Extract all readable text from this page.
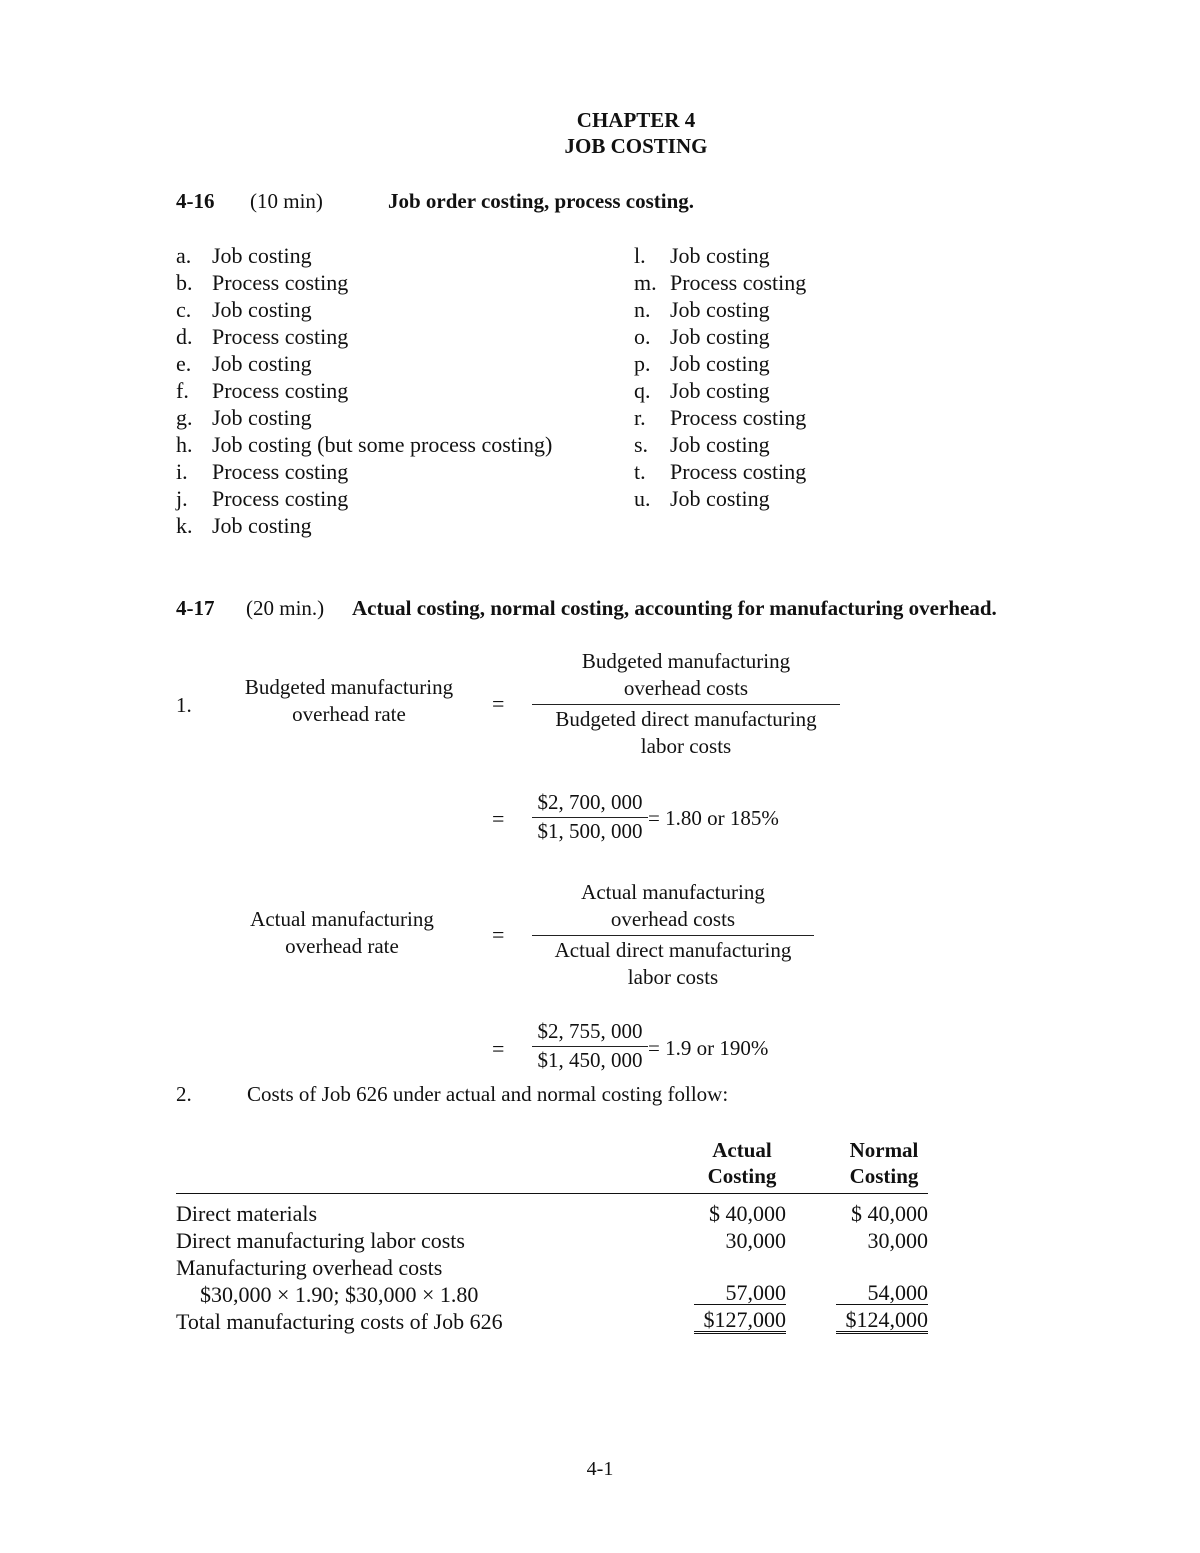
CHAPTER 4
JOB COSTING
4-16 (10 min)	Job order costing, process costing.
a. Job costing
b. Process costing
c. Job costing
d. Process costing
e. Job costing
f. Process costing
g. Job costing
h. Job costing (but some process costing)
i. Process costing
j. Process costing
k. Job costing
l. Job costing
m. Process costing
n. Job costing
o. Job costing
p. Job costing
q. Job costing
r. Process costing
s. Job costing
t. Process costing
u. Job costing
4-17 (20 min.) Actual costing, normal costing, accounting for manufacturing overhead.
1.
Budgeted manufacturing
overhead rate	=
Budgeted manufacturing
overhead costs
Budgeted direct manufacturing
labor costs
=
$2, 700, 000
$1, 500, 000
= 1.80 or 185%
Actual manufacturing
overhead rate	=
Actual manufacturing
overhead costs
Actual direct manufacturing
labor costs
=
$2, 755, 000
$1, 450, 000 = 1.9 or 190%
2.	Costs of Job 626 under actual and normal costing follow:
Actual
Costing
Normal
Costing
Direct materials	$ 40,000	$ 40,000
Direct manufacturing labor costs	30,000	30,000
Manufacturing overhead costs
$30,000 × 1.90; $30,000 × 1.80	57,000	54,000
Total manufacturing costs of Job 626	$127,000	$124,000
4-1
